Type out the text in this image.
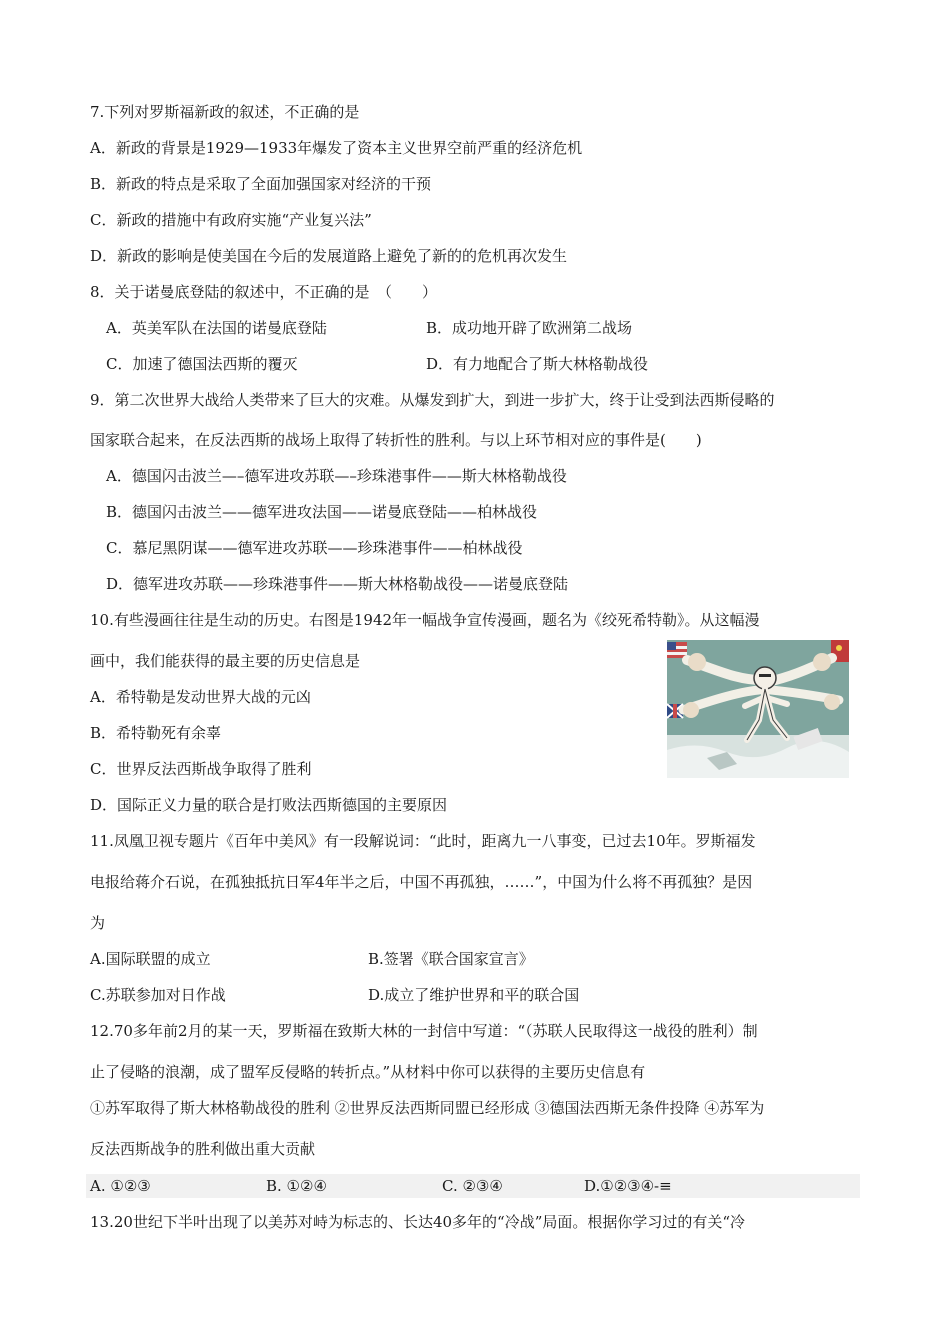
7.下列对罗斯福新政的叙述，不正确的是
A．新政的背景是1929—1933年爆发了资本主义世界空前严重的经济危机
B．新政的特点是采取了全面加强国家对经济的干预
C．新政的措施中有政府实施“产业复兴法”
D．新政的影响是使美国在今后的发展道路上避免了新的的危机再次发生
8．关于诺曼底登陆的叙述中，不正确的是　（　　）
A．英美军队在法国的诺曼底登陆	B．成功地开辟了欧洲第二战场
C．加速了德国法西斯的覆灭	D．有力地配合了斯大林格勒战役
9．第二次世界大战给人类带来了巨大的灾难。从爆发到扩大，到进一步扩大，终于让受到法西斯侵略的
国家联合起来，在反法西斯的战场上取得了转折性的胜利。与以上环节相对应的事件是(　　)
A．德国闪击波兰—–德军进攻苏联—–珍珠港事件——斯大林格勒战役
B．德国闪击波兰——德军进攻法国——诺曼底登陆——柏林战役
C．慕尼黑阴谋——德军进攻苏联——珍珠港事件——柏林战役
D．德军进攻苏联——珍珠港事件——斯大林格勒战役——诺曼底登陆
10.有些漫画往往是生动的历史。右图是1942年一幅战争宣传漫画，题名为《绞死希特勒》。从这幅漫
画中，我们能获得的最主要的历史信息是
A．希特勒是发动世界大战的元凶
B．希特勒死有余辜
C．世界反法西斯战争取得了胜利
D．国际正义力量的联合是打败法西斯德国的主要原因
11.凤凰卫视专题片《百年中美风》有一段解说词：“此时，距离九一八事变，已过去10年。罗斯福发
电报给蒋介石说，在孤独抵抗日军4年半之后，中国不再孤独，……”，中国为什么将不再孤独？是因
为
A.国际联盟的成立	B.签署《联合国家宣言》
C.苏联参加对日作战	D.成立了维护世界和平的联合国
12.70多年前2月的某一天，罗斯福在致斯大林的一封信中写道：“（苏联人民取得这一战役的胜利）制
止了侵略的浪潮，成了盟军反侵略的转折点。”从材料中你可以获得的主要历史信息有
①苏军取得了斯大林格勒战役的胜利 ②世界反法西斯同盟已经形成 ③德国法西斯无条件投降 ④苏军为
反法西斯战争的胜利做出重大贡献
A. ①②③	B. ①②④	C. ②③④	D.①②③④-≡
13.20世纪下半叶出现了以美苏对峙为标志的、长达40多年的“冷战”局面。根据你学习过的有关“冷
